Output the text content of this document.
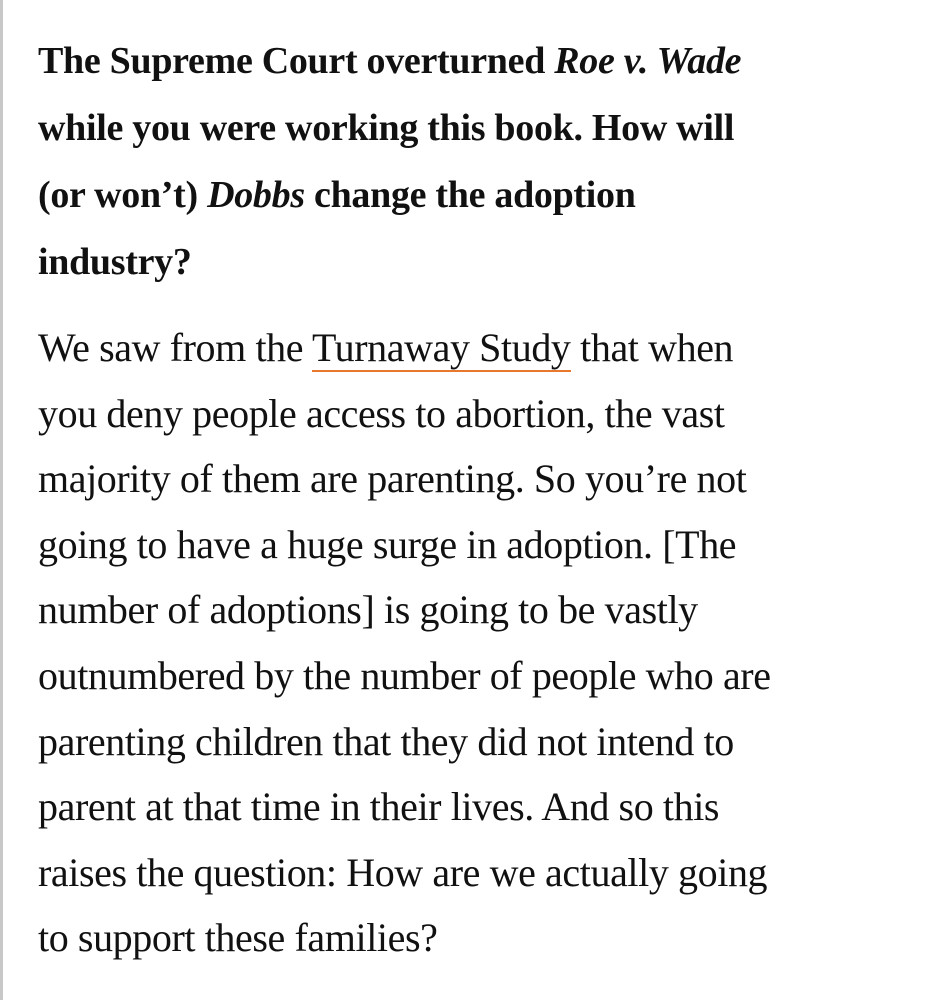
The Supreme Court overturned Roe v. Wade
while you were working this book. How will
(or won’t) Dobbs change the adoption
industry?

We saw from the Turnaway Study that when
you deny people access to abortion, the vast
majority of them are parenting. So you’re not
going to have a huge surge in adoption. [The
number of adoptions] is going to be vastly
outnumbered by the number of people who are
parenting children that they did not intend to
parent at that time in their lives. And so this
raises the question: How are we actually going
to support these families?
